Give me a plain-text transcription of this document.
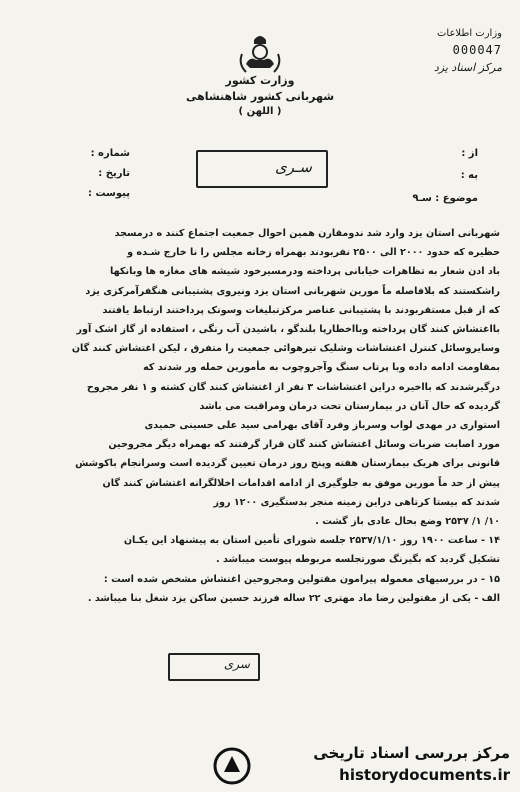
وزارت کشور
شهربانی کشور شاهنشاهی
( اللهن )
وزارت اطلاعات
000047
مرکز اسناد یزد
از :
به :
موضوع : سـ۹
شماره :
تاریخ :
پیوست :
سـری

شهربانی استان یزد وارد شد ندومقارن همین احوال جمعیت اجتماع کنند ه درمسجد

حظیره که حدود ۲۰۰۰ الی ۲۵۰۰ نفربودند بهمراه زخانه مجلس را نا خارج شـده و

باد ادن شعار به تظاهرات خیابانی پرداخته ودرمسیرخود شیشه های مغازه ها وبانکها

راشکستند که بلافاصله ماً مورین شهربانی استان یزد ونیروی پشتیبانی هنگفرآمرکزی یزد

که از قبل مستقربودند با پشتیبانی عناصر مرکزتبلیغات وسوتک پرداختند ارتباط یافتند

بااغتشاش کنند گان پرداخته وبااخطارپا بلندگو ، باشیدن آب رنگی ، استفاده از گاز اشک آور

وسایروسائل کنترل اغتشاشات وشلیک تیرهوائی جمعیت را متفرق ، لیکن اغتشاش کنند گان

بمقاومت ادامه داده وبا پرتاب سنگ وآجروچوب به مأمورین حمله ور شدند که

درگیرشدند که بااخیره دراین اغتشاشات ۳ نفر از اغتشاش کنند گان کشته و ۱ نفر مجروح

گردیده که حال آنان در بیمارستان تحت درمان ومراقبت می باشد

استواری در مهدی لواب وسرباز وفرد آقای بهرامی سید علی حسینی حمیدی

مورد اصابت ضربات وسائل اغتشاش کنند گان قرار گرفتند که بهمراه دیگر مجروحین

قانونی برای هریک بیمارستان هفته وپنج روز درمان تعیین گردیده است وسرانجام باکوشش

پیش از حد ماً مورین موفق به جلوگیری از ادامه اقدامات اخلالگرانه اغتشاش کنند گان

شدند که بیستا کرتاهی دراین زمینه منجر بدستگیری ۱۲۰۰ روز

۱۰/ ۱/ ۲۵۳۷ وضع بحال عادی باز گشت .

۱۴ - ساعت ۱۹۰۰ روز ۲۵۳۷/۱/۱۰ جلسه شورای تأمین استان به پیشنهاد این یکـان

تشکیل گردید که بگیرنگ صورتجلسه مربوطه پیوست میباشد .

۱۵ - در بررسیهای معموله پیرامون مقتولین ومجروحین اغتشاش مشخص شده است :

الف - یکی از مقتولین رضا ماد مهتری ۲۲ ساله فرزند حسین ساکن یزد شغل بنا میباشد .

سری
مرکز بررسی اسناد تاریخی
historydocuments.ir
